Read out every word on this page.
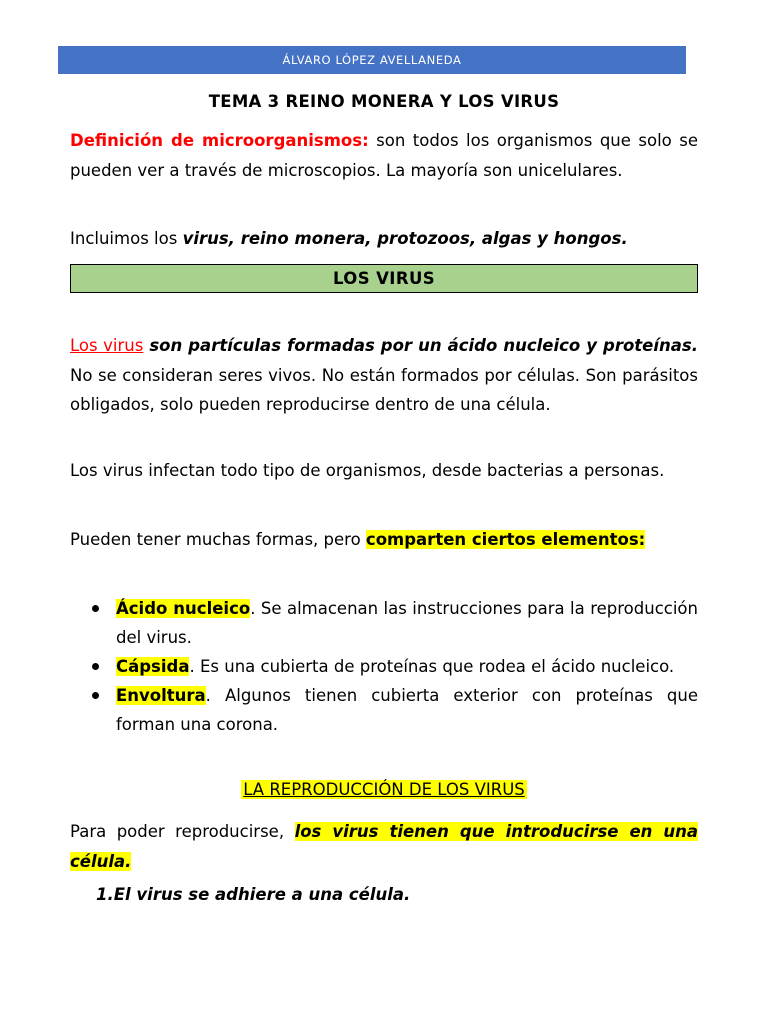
ÁLVARO LÓPEZ AVELLANEDA
TEMA 3 REINO MONERA Y LOS VIRUS
Definición de microorganismos: son todos los organismos que solo se pueden ver a través de microscopios. La mayoría son unicelulares.
Incluimos los virus, reino monera, protozoos, algas y hongos.
LOS VIRUS
Los virus son partículas formadas por un ácido nucleico y proteínas. No se consideran seres vivos. No están formados por células. Son parásitos obligados, solo pueden reproducirse dentro de una célula.
Los virus infectan todo tipo de organismos, desde bacterias a personas.
Pueden tener muchas formas, pero comparten ciertos elementos:
Ácido nucleico. Se almacenan las instrucciones para la reproducción del virus.
Cápsida. Es una cubierta de proteínas que rodea el ácido nucleico.
Envoltura. Algunos tienen cubierta exterior con proteínas que forman una corona.
LA REPRODUCCIÓN DE LOS VIRUS
Para poder reproducirse, los virus tienen que introducirse en una célula.
1.El virus se adhiere a una célula.
